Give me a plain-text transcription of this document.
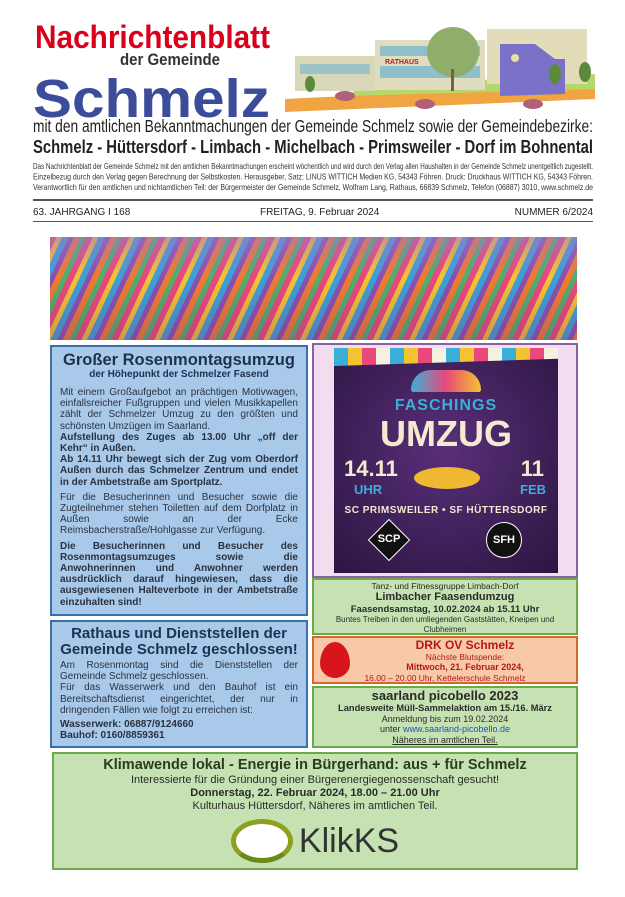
Nachrichtenblatt
der Gemeinde
Schmelz
RATHAUS
mit den amtlichen Bekanntmachungen der Gemeinde Schmelz sowie der Gemeindebezirke:
Schmelz - Hüttersdorf - Limbach - Michelbach - Primsweiler - Dorf im Bohnental
Das Nachrichtenblatt der Gemeinde Schmelz mit den amtlichen Bekanntmachungen erscheint wöchentlich und wird durch den Verlag allen Haushalten in der Gemeinde Schmelz unentgeltlich zugestellt.
Einzelbezug durch den Verlag gegen Berechnung der Selbstkosten. Herausgeber, Satz: LINUS WITTICH Medien KG, 54343 Föhren. Druck: Druckhaus WITTICH KG, 54343 Föhren.
Verantwortlich für den amtlichen und nichtamtlichen Teil: der Bürgermeister der Gemeinde Schmelz, Wolfram Lang, Rathaus, 66839 Schmelz, Telefon (06887) 3010, www.schmelz.de
63. JAHRGANG I 168	FREITAG, 9. Februar 2024	NUMMER 6/2024
Großer Rosenmontagsumzug
der Höhepunkt der Schmelzer Fasend

Mit einem Großaufgebot an prächtigen Motivwagen, einfallsreicher Fußgruppen und vielen Musikkapellen zählt der Schmelzer Umzug zu den größten und schönsten Umzügen im Saarland.
Aufstellung des Zuges ab 13.00 Uhr „off der Kehr“ in Außen.
Ab 14.11 Uhr bewegt sich der Zug vom Oberdorf Außen durch das Schmelzer Zentrum und endet in der Ambetstraße am Sportplatz.

Für die Besucherinnen und Besucher sowie die Zugteilnehmer stehen Toiletten auf dem Dorfplatz in Außen sowie an der Ecke Reimsbacherstraße/Hohlgasse zur Verfügung.

Die Besucherinnen und Besucher des Rosenmontagsumzuges sowie die Anwohnerinnen und Anwohner werden ausdrücklich darauf hingewiesen, dass die ausgewiesenen Halteverbote in der Ambetstraße einzuhalten sind!

Rathaus und Dienststellen der Gemeinde Schmelz geschlossen!

Am Rosenmontag sind die Dienststellen der Gemeinde Schmelz geschlossen.
Für das Wasserwerk und den Bauhof ist ein Bereitschaftsdienst eingerichtet, der nur in dringenden Fällen wie folgt zu erreichen ist:

Wasserwerk: 06887/9124660
Bauhof: 0160/8859361

FASCHINGS
UMZUG
14.11
UHR
11
FEB
SC PRIMSWEILER • SF HÜTTERSDORF
SCP	SFH
Tanz- und Fitnessgruppe Limbach-Dorf
Limbacher Faasendumzug
Faasendsamstag, 10.02.2024 ab 15.11 Uhr
Buntes Treiben in den umliegenden Gaststätten, Kneipen und Clubheimen
DRK OV Schmelz
Nächste Blutspende:
Mittwoch, 21. Februar 2024,
16.00 – 20.00 Uhr, Kettelerschule Schmelz
saarland picobello 2023
Landesweite Müll-Sammelaktion am 15./16. März
Anmeldung bis zum 19.02.2024
unter www.saarland-picobello.de
Näheres im amtlichen Teil.
Klimawende lokal - Energie in Bürgerhand: aus + für Schmelz
Interessierte für die Gründung einer Bürgerenergiegenossenschaft gesucht!
Donnerstag, 22. Februar 2024, 18.00 – 21.00 Uhr
Kulturhaus Hüttersdorf, Näheres im amtlichen Teil.
KlikKS
